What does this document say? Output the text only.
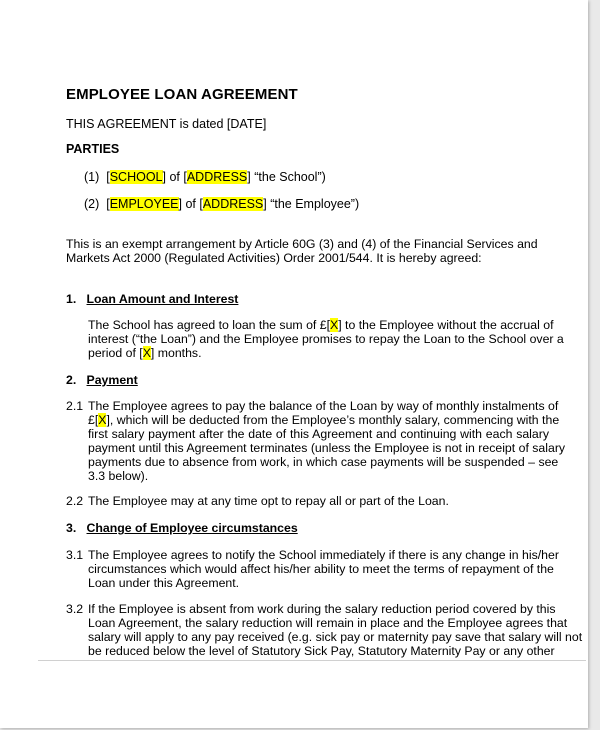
EMPLOYEE LOAN AGREEMENT
THIS AGREEMENT is dated [DATE]
PARTIES
(1) [SCHOOL] of [ADDRESS] “the School”)
(2) [EMPLOYEE] of [ADDRESS] “the Employee”)
This is an exempt arrangement by Article 60G (3) and (4) of the Financial Services and
Markets Act 2000 (Regulated Activities) Order 2001/544. It is hereby agreed:
1. Loan Amount and Interest
The School has agreed to loan the sum of £[X] to the Employee without the accrual of
interest (“the Loan”) and the Employee promises to repay the Loan to the School over a
period of [X] months.
2. Payment
2.1 The Employee agrees to pay the balance of the Loan by way of monthly instalments of
£[X], which will be deducted from the Employee’s monthly salary, commencing with the
first salary payment after the date of this Agreement and continuing with each salary
payment until this Agreement terminates (unless the Employee is not in receipt of salary
payments due to absence from work, in which case payments will be suspended – see
3.3 below).
2.2 The Employee may at any time opt to repay all or part of the Loan.
3. Change of Employee circumstances
3.1 The Employee agrees to notify the School immediately if there is any change in his/her
circumstances which would affect his/her ability to meet the terms of repayment of the
Loan under this Agreement.
3.2 If the Employee is absent from work during the salary reduction period covered by this
Loan Agreement, the salary reduction will remain in place and the Employee agrees that
salary will apply to any pay received (e.g. sick pay or maternity pay save that salary will not
be reduced below the level of Statutory Sick Pay, Statutory Maternity Pay or any other
